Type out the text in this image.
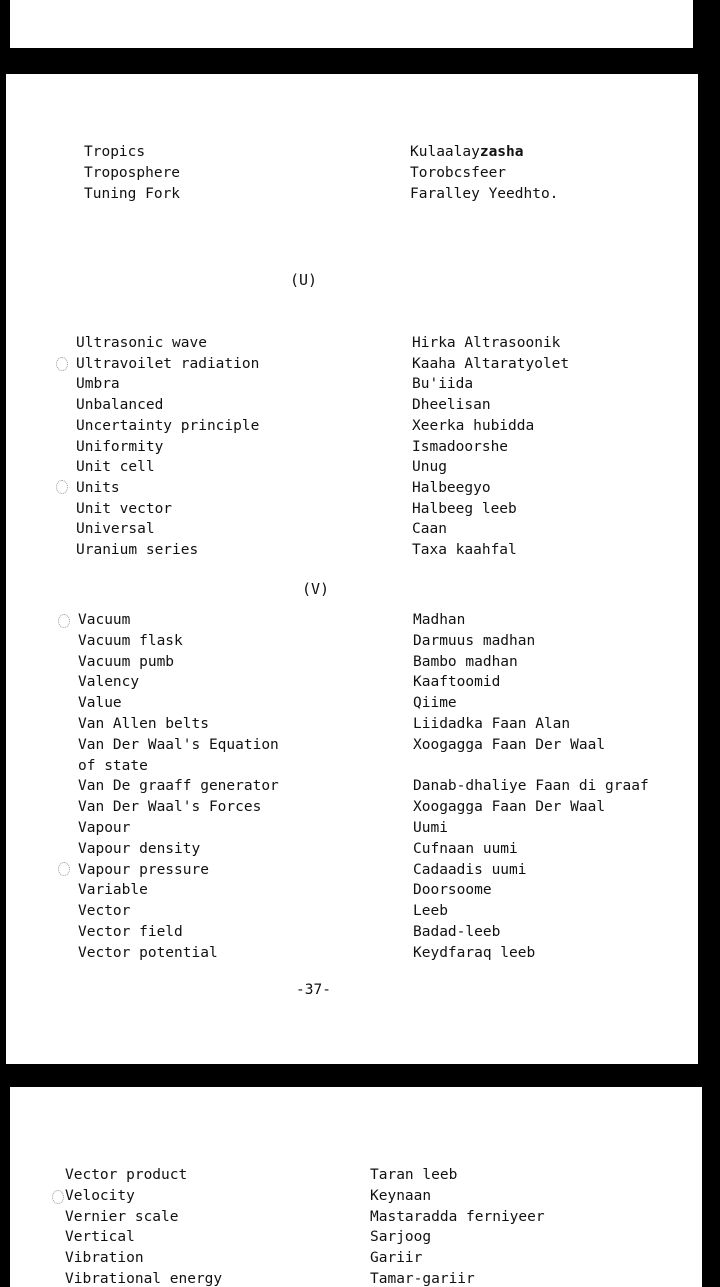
Tropics	Kulaalayzasha
Troposphere	Torobcsfeer
Tuning Fork	Faralley Yeedhto.
(U)
Ultrasonic wave	Hirka Altrasoonik
Ultravoilet radiation	Kaaha Altaratyolet
Umbra	Bu'iida
Unbalanced	Dheelisan
Uncertainty principle	Xeerka hubidda
Uniformity	Ismadoorshe
Unit cell	Unug
Units	Halbeegyo
Unit vector	Halbeeg leeb
Universal	Caan
Uranium series	Taxa kaahfal
(V)
Vacuum	Madhan
Vacuum flask	Darmuus madhan
Vacuum pumb	Bambo madhan
Valency	Kaaftoomid
Value	Qiime
Van Allen belts	Liidadka Faan Alan
Van Der Waal's Equation	Xoogagga Faan Der Waal
of state
Van De graaff generator	Danab-dhaliye Faan di graaf
Van Der Waal's Forces	Xoogagga Faan Der Waal
Vapour	Uumi
Vapour density	Cufnaan uumi
Vapour pressure	Cadaadis uumi
Variable	Doorsoome
Vector	Leeb
Vector field	Badad-leeb
Vector potential	Keydfaraq leeb
-37-
Vector product	Taran leeb
Velocity	Keynaan
Vernier scale	Mastaradda ferniyeer
Vertical	Sarjoog
Vibration	Gariir
Vibrational energy	Tamar-gariir
